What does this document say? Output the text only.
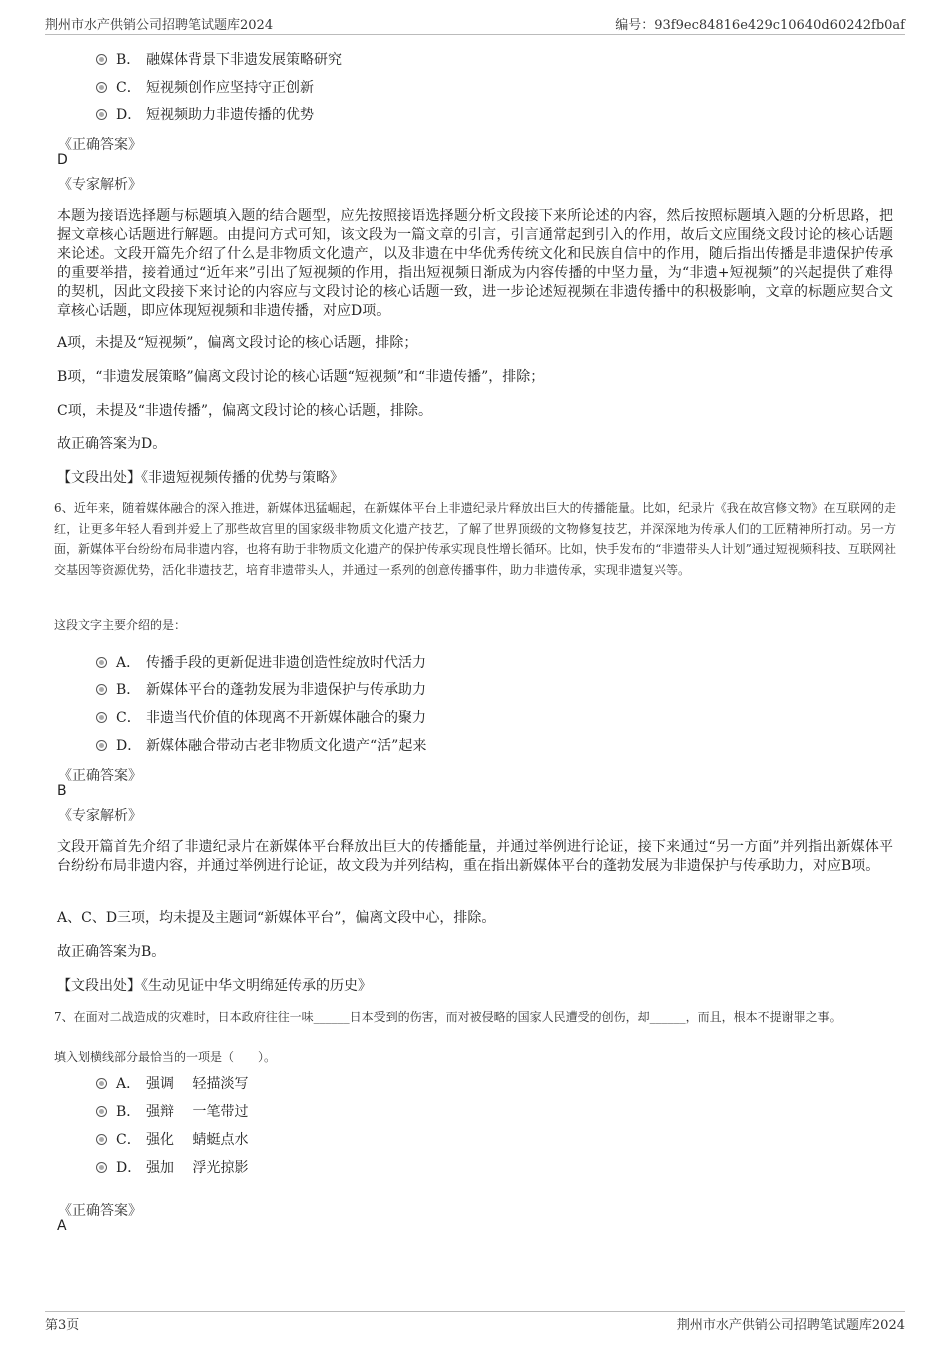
荆州市水产供销公司招聘笔试题库2024	编号：93f9ec84816e429c10640d60242fb0af
B． 融媒体背景下非遗发展策略研究
C． 短视频创作应坚持守正创新
D． 短视频助力非遗传播的优势
《正确答案》
D
《专家解析》
本题为接语选择题与标题填入题的结合题型，应先按照接语选择题分析文段接下来所论述的内容，然后按照标题填入题的分析思路，把握文章核心话题进行解题。由提问方式可知，该文段为一篇文章的引言，引言通常起到引入的作用，故后文应围绕文段讨论的核心话题来论述。文段开篇先介绍了什么是非物质文化遗产，以及非遗在中华优秀传统文化和民族自信中的作用，随后指出传播是非遗保护传承的重要举措，接着通过“近年来”引出了短视频的作用，指出短视频日渐成为内容传播的中坚力量，为“非遗+短视频”的兴起提供了难得的契机，因此文段接下来讨论的内容应与文段讨论的核心话题一致，进一步论述短视频在非遗传播中的积极影响，文章的标题应契合文章核心话题，即应体现短视频和非遗传播，对应D项。
A项，未提及“短视频”，偏离文段讨论的核心话题，排除；
B项，“非遗发展策略”偏离文段讨论的核心话题“短视频”和“非遗传播”，排除；
C项，未提及“非遗传播”，偏离文段讨论的核心话题，排除。
故正确答案为D。
【文段出处】《非遗短视频传播的优势与策略》
6、近年来，随着媒体融合的深入推进，新媒体迅猛崛起，在新媒体平台上非遗纪录片释放出巨大的传播能量。比如，纪录片《我在故宫修文物》在互联网的走红，让更多年轻人看到并爱上了那些故宫里的国家级非物质文化遗产技艺，了解了世界顶级的文物修复技艺，并深深地为传承人们的工匠精神所打动。另一方面，新媒体平台纷纷布局非遗内容，也将有助于非物质文化遗产的保护传承实现良性增长循环。比如，快手发布的“非遗带头人计划”通过短视频科技、互联网社交基因等资源优势，活化非遗技艺，培育非遗带头人，并通过一系列的创意传播事件，助力非遗传承，实现非遗复兴等。
这段文字主要介绍的是：
A． 传播手段的更新促进非遗创造性绽放时代活力
B． 新媒体平台的蓬勃发展为非遗保护与传承助力
C． 非遗当代价值的体现离不开新媒体融合的聚力
D． 新媒体融合带动古老非物质文化遗产“活”起来
《正确答案》
B
《专家解析》
文段开篇首先介绍了非遗纪录片在新媒体平台释放出巨大的传播能量，并通过举例进行论证，接下来通过“另一方面”并列指出新媒体平台纷纷布局非遗内容，并通过举例进行论证，故文段为并列结构，重在指出新媒体平台的蓬勃发展为非遗保护与传承助力，对应B项。
A、C、D三项，均未提及主题词“新媒体平台”，偏离文段中心，排除。
故正确答案为B。
【文段出处】《生动见证中华文明绵延传承的历史》
7、在面对二战造成的灾难时，日本政府往往一味______日本受到的伤害，而对被侵略的国家人民遭受的创伤，却______，而且，根本不提谢罪之事。
填入划横线部分最恰当的一项是（　　）。
A． 强调　 轻描淡写
B． 强辩　 一笔带过
C． 强化　 蜻蜓点水
D． 强加　 浮光掠影
《正确答案》
A
第3页	荆州市水产供销公司招聘笔试题库2024
